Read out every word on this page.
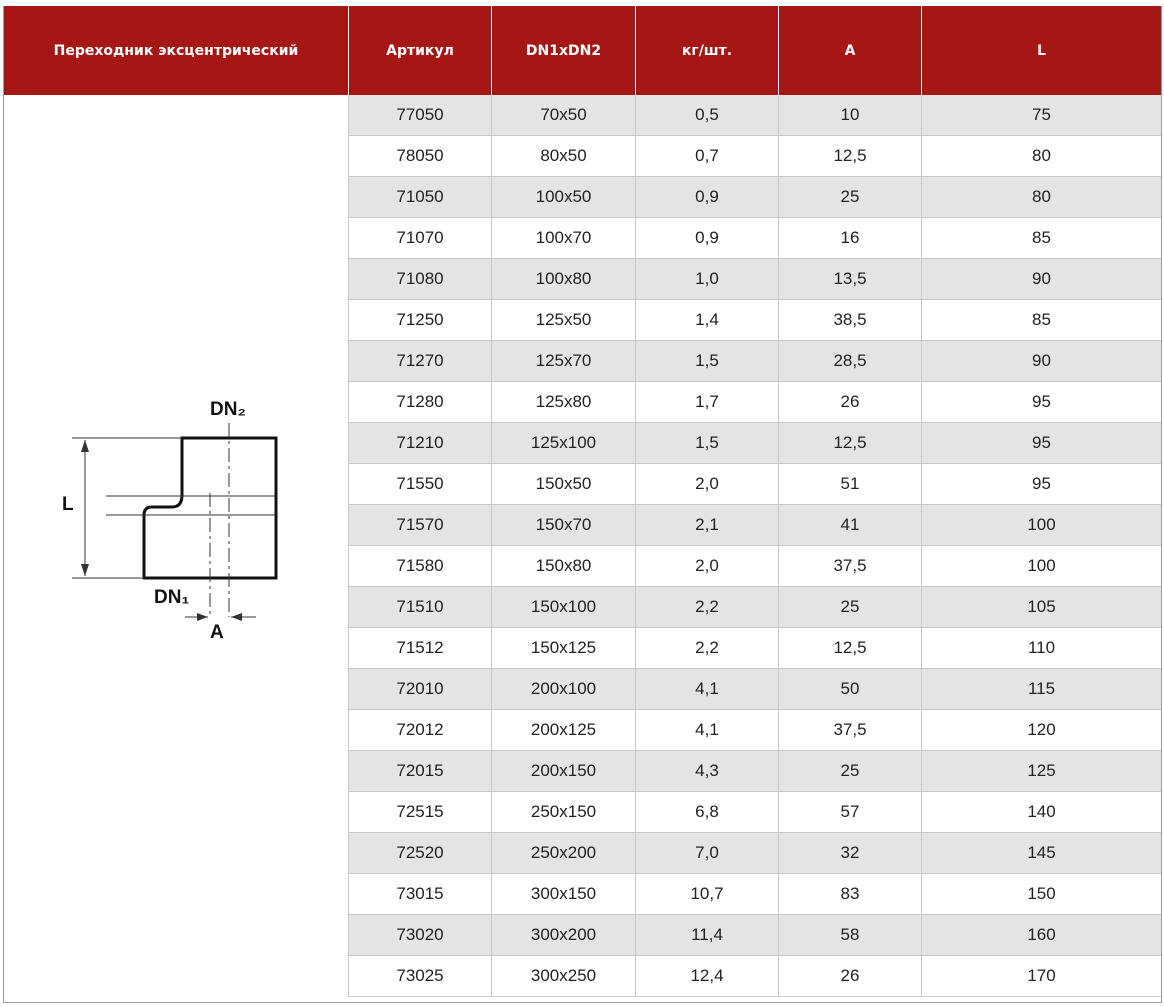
Переходник эксцентрический	Артикул	DN1xDN2	кг/шт.	A	L
DN₂
DN₁
L
A
77050	70x50	0,5	10	75
78050	80x50	0,7	12,5	80
71050	100x50	0,9	25	80
71070	100x70	0,9	16	85
71080	100x80	1,0	13,5	90
71250	125x50	1,4	38,5	85
71270	125x70	1,5	28,5	90
71280	125x80	1,7	26	95
71210	125x100	1,5	12,5	95
71550	150x50	2,0	51	95
71570	150x70	2,1	41	100
71580	150x80	2,0	37,5	100
71510	150x100	2,2	25	105
71512	150x125	2,2	12,5	110
72010	200x100	4,1	50	115
72012	200x125	4,1	37,5	120
72015	200x150	4,3	25	125
72515	250x150	6,8	57	140
72520	250x200	7,0	32	145
73015	300x150	10,7	83	150
73020	300x200	11,4	58	160
73025	300x250	12,4	26	170
